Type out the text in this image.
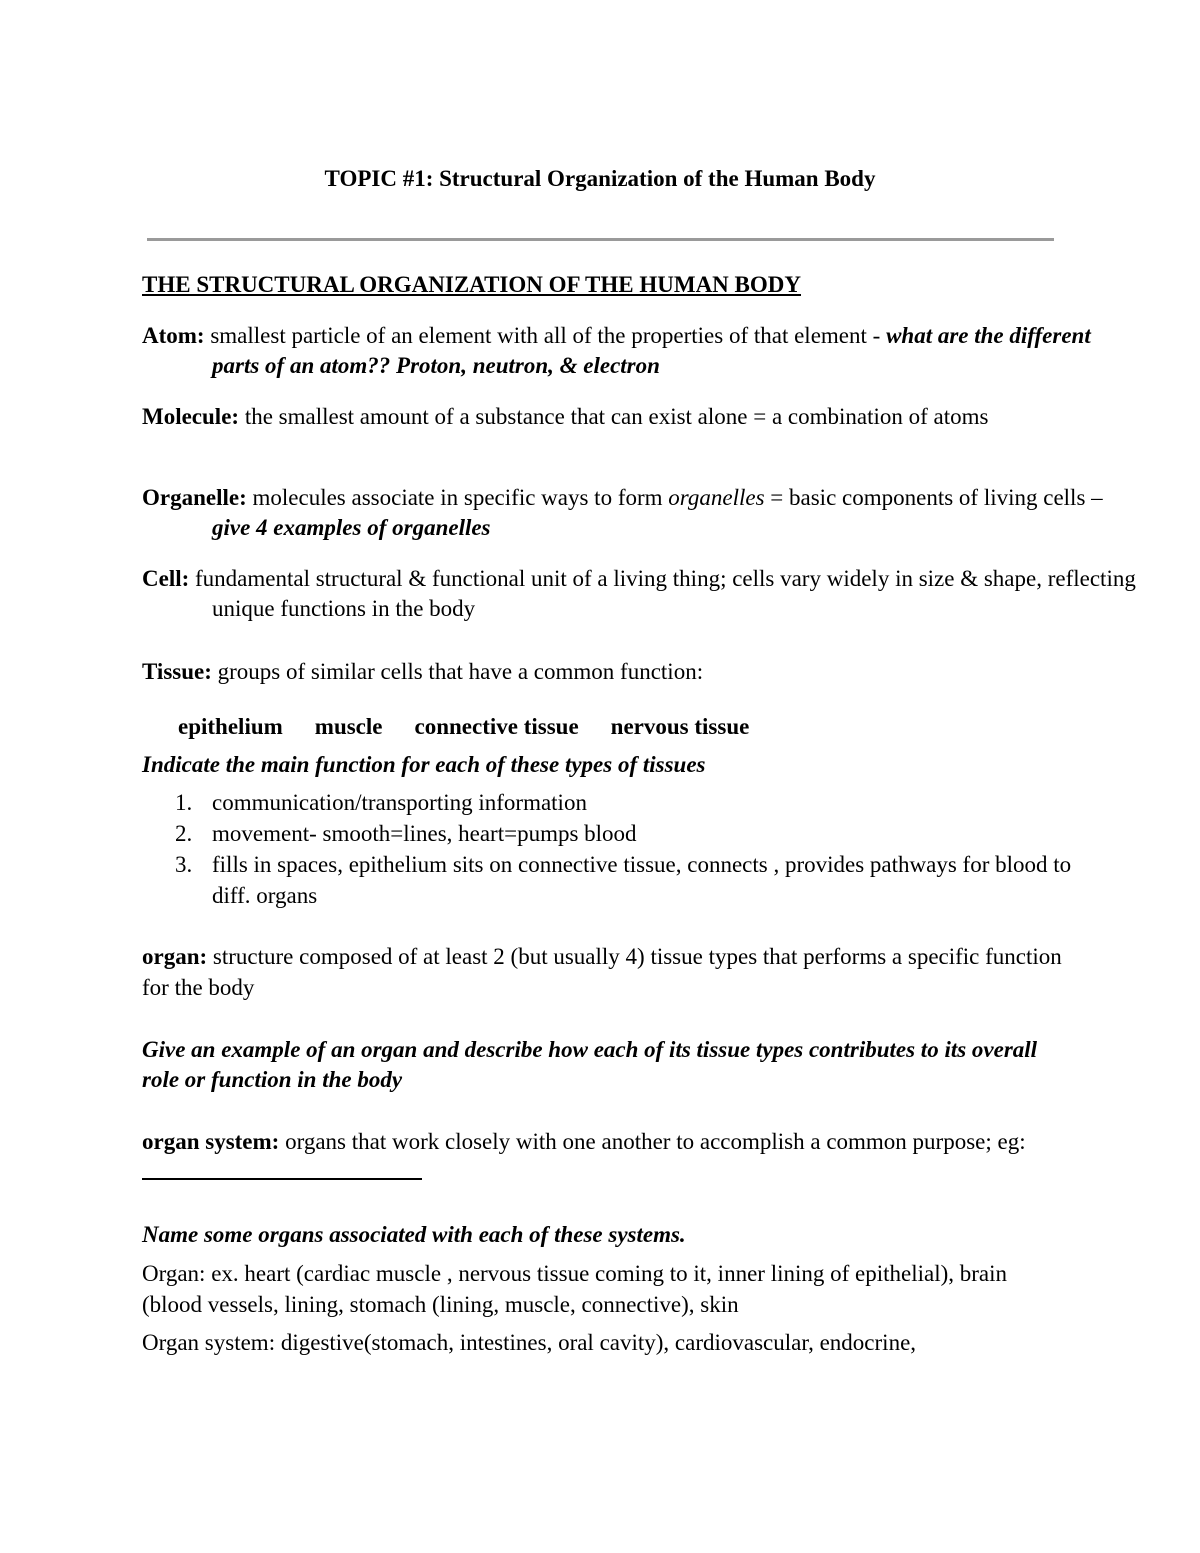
TOPIC #1: Structural Organization of the Human Body
THE STRUCTURAL ORGANIZATION OF THE HUMAN BODY

Atom: smallest particle of an element with all of the properties of that element - what are the different parts of an atom?? Proton, neutron, & electron

Molecule: the smallest amount of a substance that can exist alone = a combination of atoms

Organelle: molecules associate in specific ways to form organelles = basic components of living cells – give 4 examples of organelles

Cell: fundamental structural & functional unit of a living thing; cells vary widely in size & shape, reflecting unique functions in the body

Tissue: groups of similar cells that have a common function:

epithelium muscle connective tissue nervous tissue

Indicate the main function for each of these types of tissues

1. communication/transporting information
2. movement- smooth=lines, heart=pumps blood
3. fills in spaces, epithelium sits on connective tissue, connects , provides pathways for blood to diff. organs

organ: structure composed of at least 2 (but usually 4) tissue types that performs a specific function for the body

Give an example of an organ and describe how each of its tissue types contributes to its overall role or function in the body

organ system: organs that work closely with one another to accomplish a common purpose; eg:

Name some organs associated with each of these systems.

Organ: ex. heart (cardiac muscle , nervous tissue coming to it, inner lining of epithelial), brain (blood vessels, lining, stomach (lining, muscle, connective), skin

Organ system: digestive(stomach, intestines, oral cavity), cardiovascular, endocrine,
